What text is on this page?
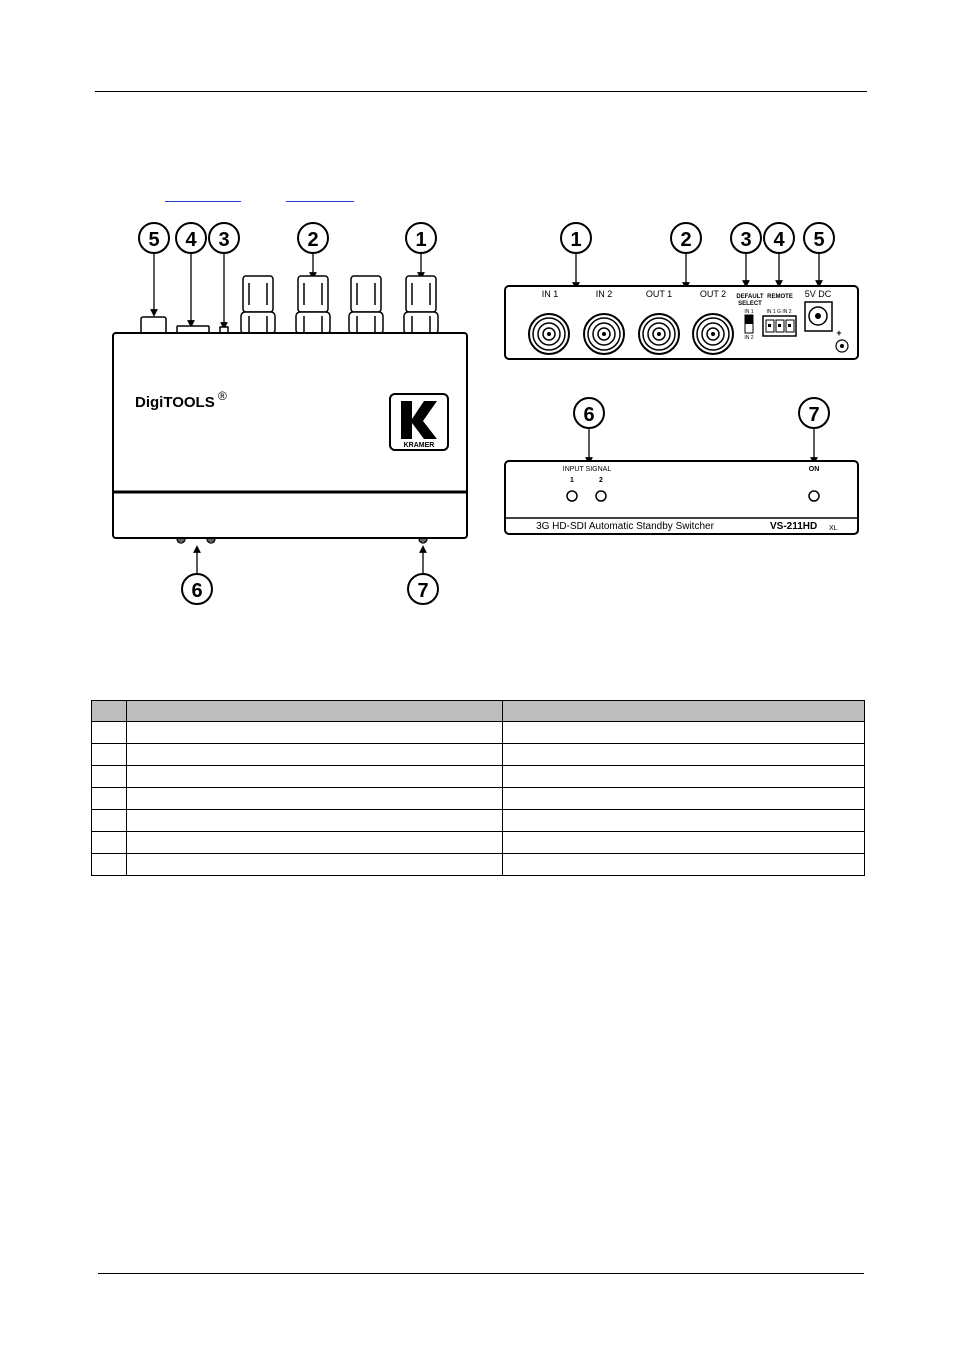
5 4 3	2	1
DigiTOOLS ®
KRAMER
6	7
1	2 3 4 5
IN 1	IN 2	OUT 1	OUT 2 DEFAULT
SELECT
REMOTE 5V DC
IN 1
IN 2
IN 1 G IN 2
+
6	7
INPUT SIGNAL
1	2
ON
3G HD-SDI Automatic Standby Switcher	VS-211HD XL
